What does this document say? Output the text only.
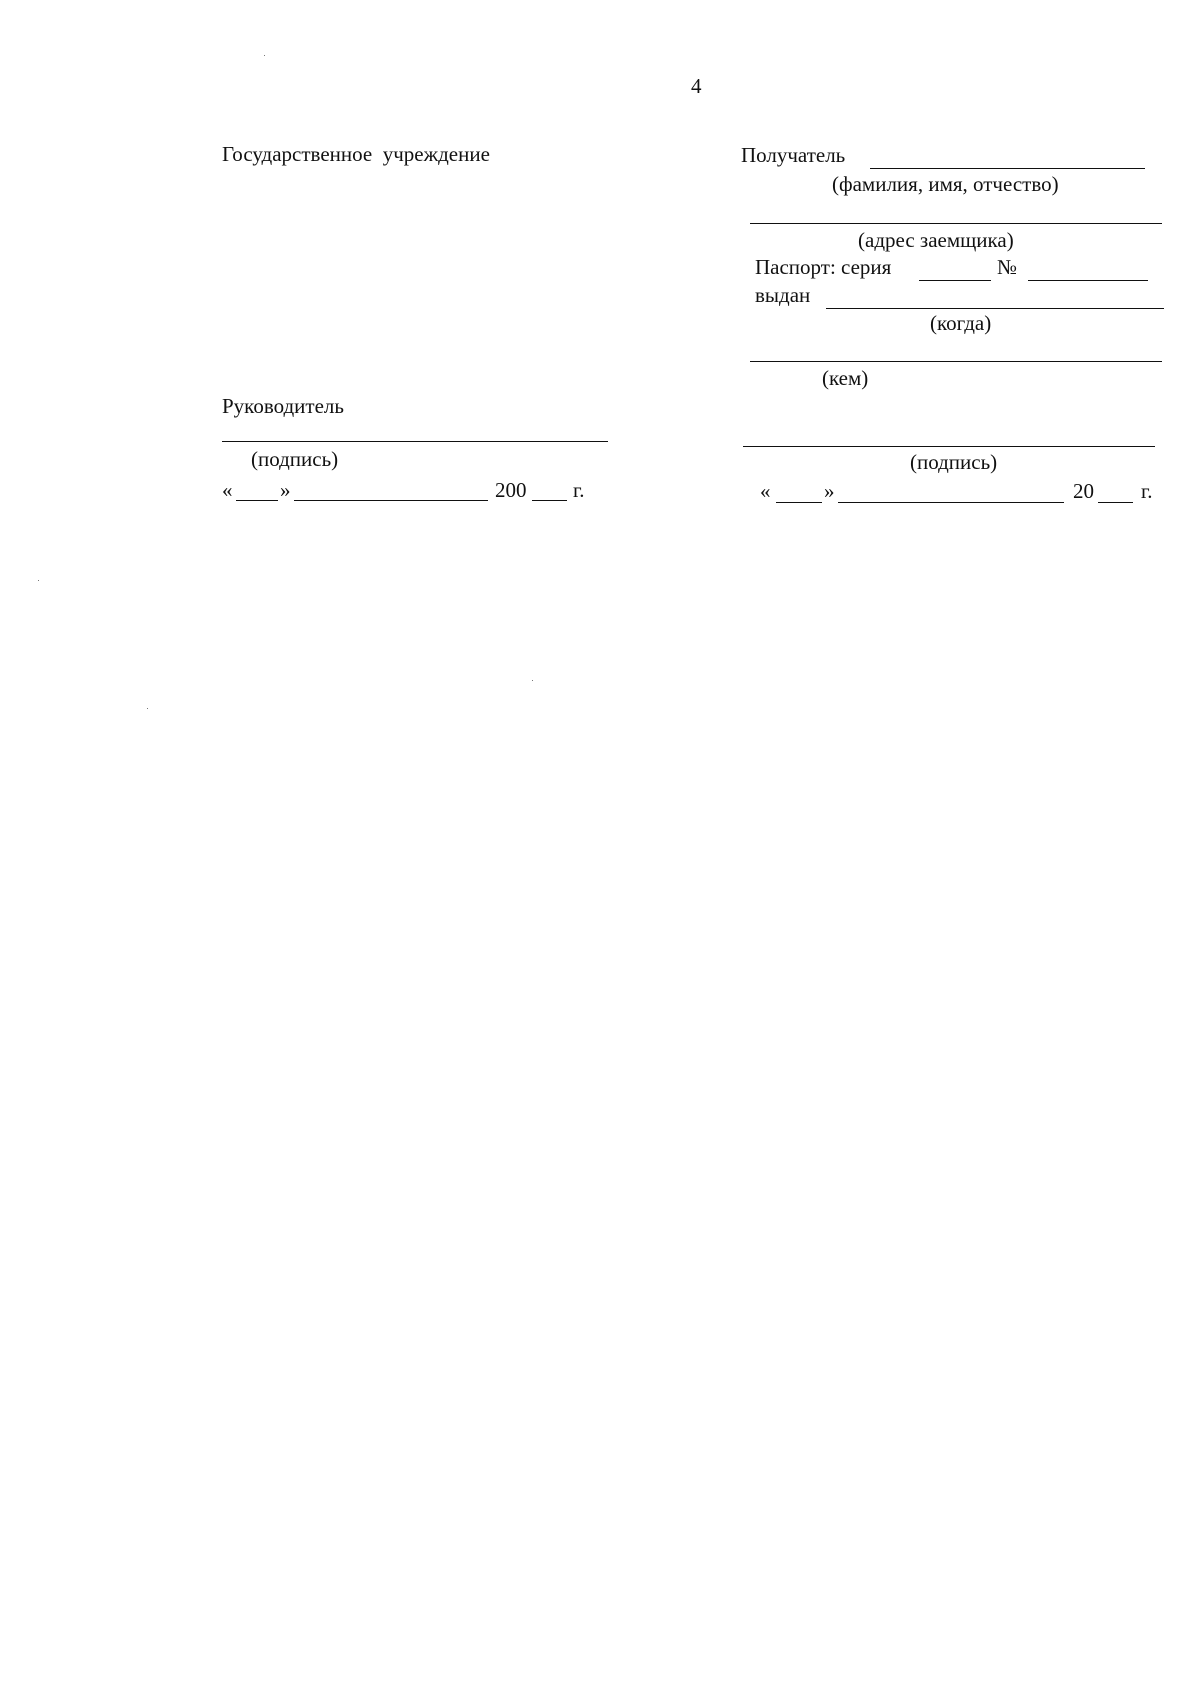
4
Государственное  учреждение
Руководитель
(подпись)
« »	200 г.
Получатель
(фамилия, имя, отчество)
(адрес заемщика)
Паспорт: серия	№
выдан
(когда)
(кем)
(подпись)
«	»	20 г.
